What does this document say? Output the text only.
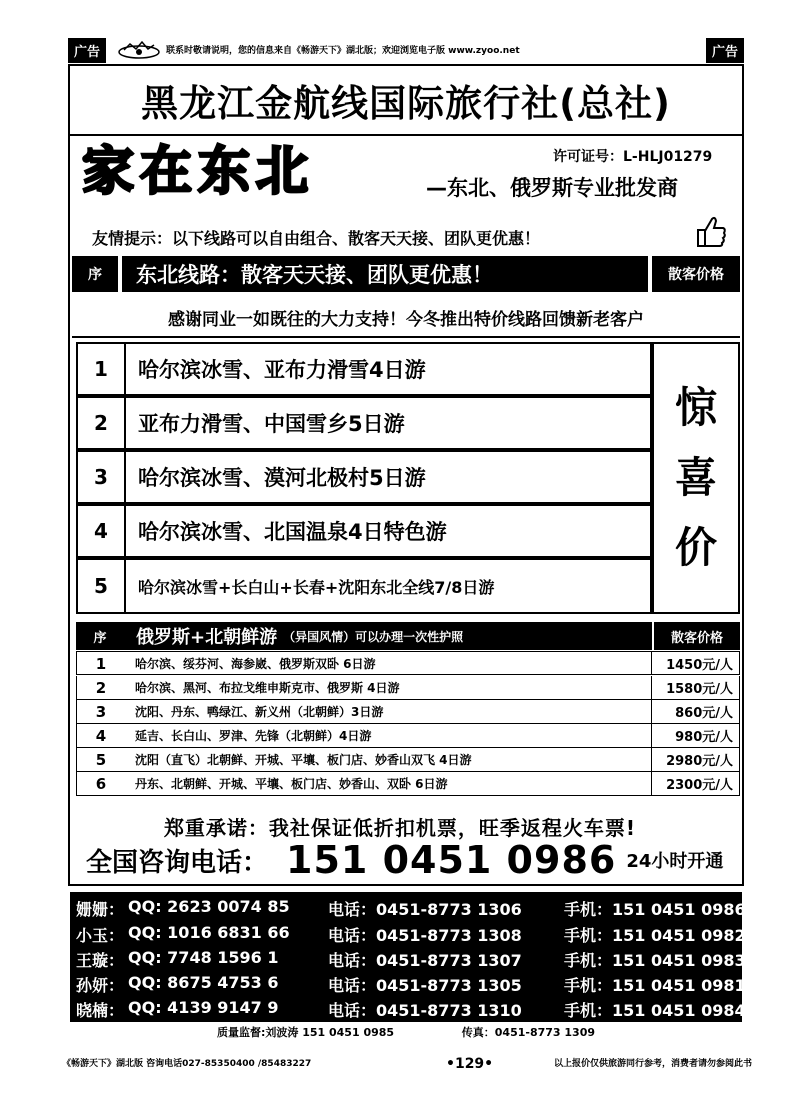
广告	联系时敬请说明，您的信息来自《畅游天下》湖北版；欢迎浏览电子版 www.zyoo.net	广告
黑龙江金航线国际旅行社(总社)
家在东北	许可证号：L-HLJ01279
—东北、俄罗斯专业批发商
友情提示：以下线路可以自由组合、散客天天接、团队更优惠！
序	东北线路：散客天天接、团队更优惠！	散客价格
感谢同业一如既往的大力支持！今冬推出特价线路回馈新老客户
1	哈尔滨冰雪、亚布力滑雪4日游
2	亚布力滑雪、中国雪乡5日游
3	哈尔滨冰雪、漠河北极村5日游
4	哈尔滨冰雪、北国温泉4日特色游
5	哈尔滨冰雪+长白山+长春+沈阳东北全线7/8日游
惊
喜
价
序	俄罗斯+北朝鲜游 （异国风情）可以办理一次性护照	散客价格
1	哈尔滨、绥芬河、海参崴、俄罗斯双卧 6日游	1450元/人
2	哈尔滨、黑河、布拉戈维申斯克市、俄罗斯 4日游	1580元/人
3	沈阳、丹东、鸭绿江、新义州（北朝鲜）3日游	860元/人
4	延吉、长白山、罗津、先锋（北朝鲜）4日游	980元/人
5	沈阳（直飞）北朝鲜、开城、平壤、板门店、妙香山双飞 4日游	2980元/人
6	丹东、北朝鲜、开城、平壤、板门店、妙香山、双卧 6日游	2300元/人
郑重承诺：我社保证低折扣机票，旺季返程火车票!
全国咨询电话： 151 0451 0986 24小时开通
姗姗： QQ: 2623 0074 85 电话：0451-8773 1306	手机：151 0451 0986
小玉： QQ: 1016 6831 66 电话：0451-8773 1308	手机：151 0451 0982
王璇： QQ: 7748 1596 1	电话：0451-8773 1307	手机：151 0451 0983
孙妍： QQ: 8675 4753 6	电话：0451-8773 1305	手机：151 0451 0981
晓楠： QQ: 4139 9147 9	电话：0451-8773 1310	手机：151 0451 0984
质量监督:刘波涛 151 0451 0985	传真：0451-8773 1309
《畅游天下》湖北版 咨询电话027-85350400 /85483227	•129•	以上报价仅供旅游同行参考，消费者请勿参阅此书
